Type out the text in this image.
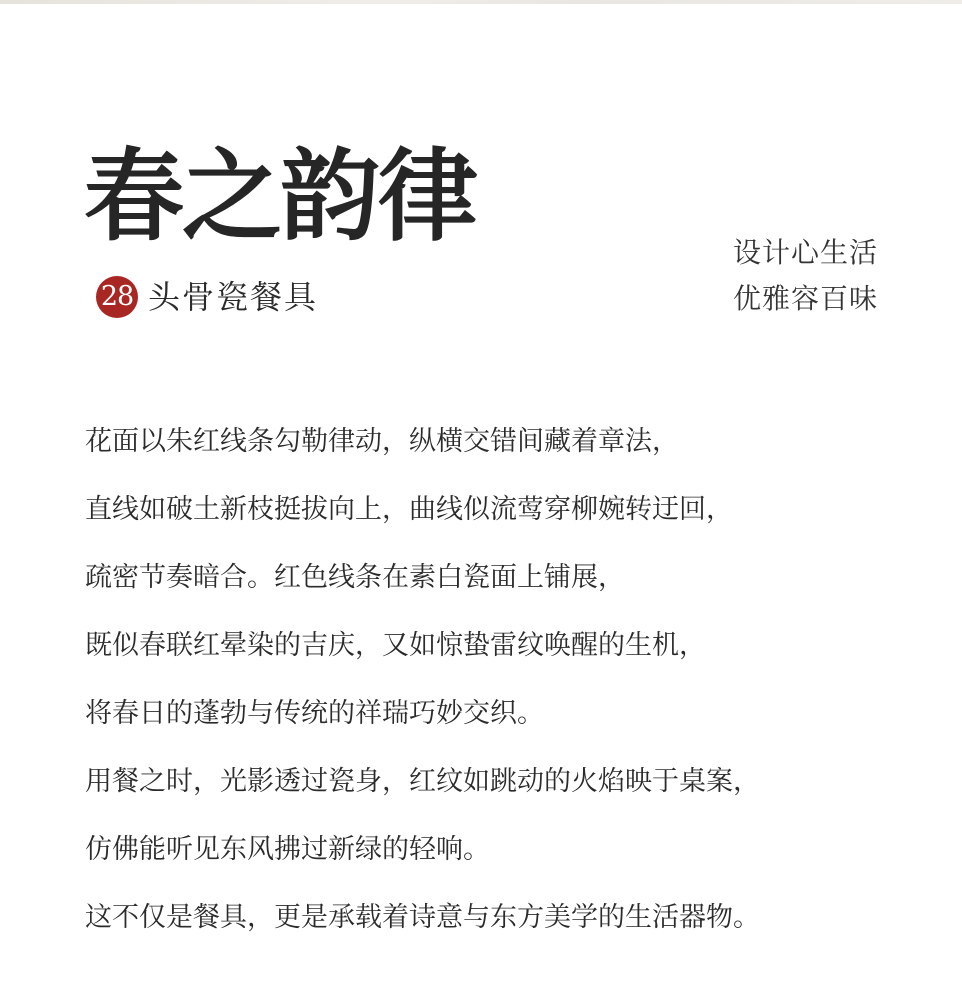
春之韵律
28 头骨瓷餐具
设计心生活
优雅容百味
花面以朱红线条勾勒律动，纵横交错间藏着章法，
直线如破土新枝挺拔向上，曲线似流莺穿柳婉转迂回，
疏密节奏暗合。红色线条在素白瓷面上铺展，
既似春联红晕染的吉庆，又如惊蛰雷纹唤醒的生机，
将春日的蓬勃与传统的祥瑞巧妙交织。
用餐之时，光影透过瓷身，红纹如跳动的火焰映于桌案，
仿佛能听见东风拂过新绿的轻响。
这不仅是餐具，更是承载着诗意与东方美学的生活器物。
